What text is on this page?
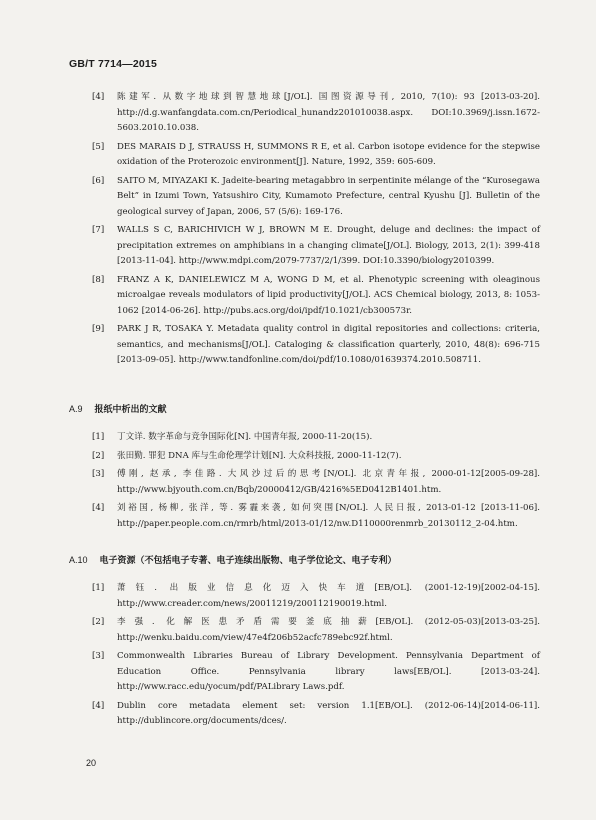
GB/T 7714—2015
[4] 陈建军. 从数字地球到智慧地球[J/OL]. 国图资源导刊, 2010, 7(10): 93 [2013-03-20]. http://d.g.wanfangdata.com.cn/Periodical_hunandz201010038.aspx. DOI:10.3969/j.issn.1672-5603.2010.10.038.
[5] DES MARAIS D J, STRAUSS H, SUMMONS R E, et al. Carbon isotope evidence for the stepwise oxidation of the Proterozoic environment[J]. Nature, 1992, 359: 605-609.
[6] SAITO M, MIYAZAKI K. Jadeite-bearing metagabbro in serpentinite mélange of the “Kurosegawa Belt” in Izumi Town, Yatsushiro City, Kumamoto Prefecture, central Kyushu [J]. Bulletin of the geological survey of Japan, 2006, 57 (5/6): 169-176.
[7] WALLS S C, BARICHIVICH W J, BROWN M E. Drought, deluge and declines: the impact of precipitation extremes on amphibians in a changing climate[J/OL]. Biology, 2013, 2(1): 399-418 [2013-11-04]. http://www.mdpi.com/2079-7737/2/1/399. DOI:10.3390/biology2010399.
[8] FRANZ A K, DANIELEWICZ M A, WONG D M, et al. Phenotypic screening with oleaginous microalgae reveals modulators of lipid productivity[J/OL]. ACS Chemical biology, 2013, 8: 1053-1062 [2014-06-26]. http://pubs.acs.org/doi/ipdf/10.1021/cb300573r.
[9] PARK J R, TOSAKA Y. Metadata quality control in digital repositories and collections: criteria, semantics, and mechanisms[J/OL]. Cataloging & classification quarterly, 2010, 48(8): 696-715 [2013-09-05]. http://www.tandfonline.com/doi/pdf/10.1080/01639374.2010.508711.
A.9 报纸中析出的文献
[1] 丁文详. 数字革命与竞争国际化[N]. 中国青年报, 2000-11-20(15).
[2] 张田勤. 罪犯 DNA 库与生命伦理学计划[N]. 大众科技报, 2000-11-12(7).
[3] 傅刚, 赵承, 李佳路. 大风沙过后的思考[N/OL]. 北京青年报, 2000-01-12[2005-09-28]. http://www.bjyouth.com.cn/Bqb/20000412/GB/4216%5ED0412B1401.htm.
[4] 刘裕国, 杨柳, 张洋, 等. 雾霾来袭, 如何突围[N/OL]. 人民日报, 2013-01-12 [2013-11-06]. http://paper.people.com.cn/rmrb/html/2013-01/12/nw.D110000renmrb_20130112_2-04.htm.
A.10 电子资源（不包括电子专著、电子连续出版物、电子学位论文、电子专利）
[1] 萧钰. 出版业信息化迈入快车道[EB/OL]. (2001-12-19)[2002-04-15]. http://www.creader.com/news/20011219/200112190019.html.
[2] 李强. 化解医患矛盾需要釜底抽薪[EB/OL]. (2012-05-03)[2013-03-25]. http://wenku.baidu.com/view/47e4f206b52acfc789ebc92f.html.
[3] Commonwealth Libraries Bureau of Library Development. Pennsylvania Department of Education Office. Pennsylvania library laws[EB/OL]. [2013-03-24]. http://www.racc.edu/yocum/pdf/PALibrary Laws.pdf.
[4] Dublin core metadata element set: version 1.1[EB/OL]. (2012-06-14)[2014-06-11]. http://dublincore.org/documents/dces/.
20
